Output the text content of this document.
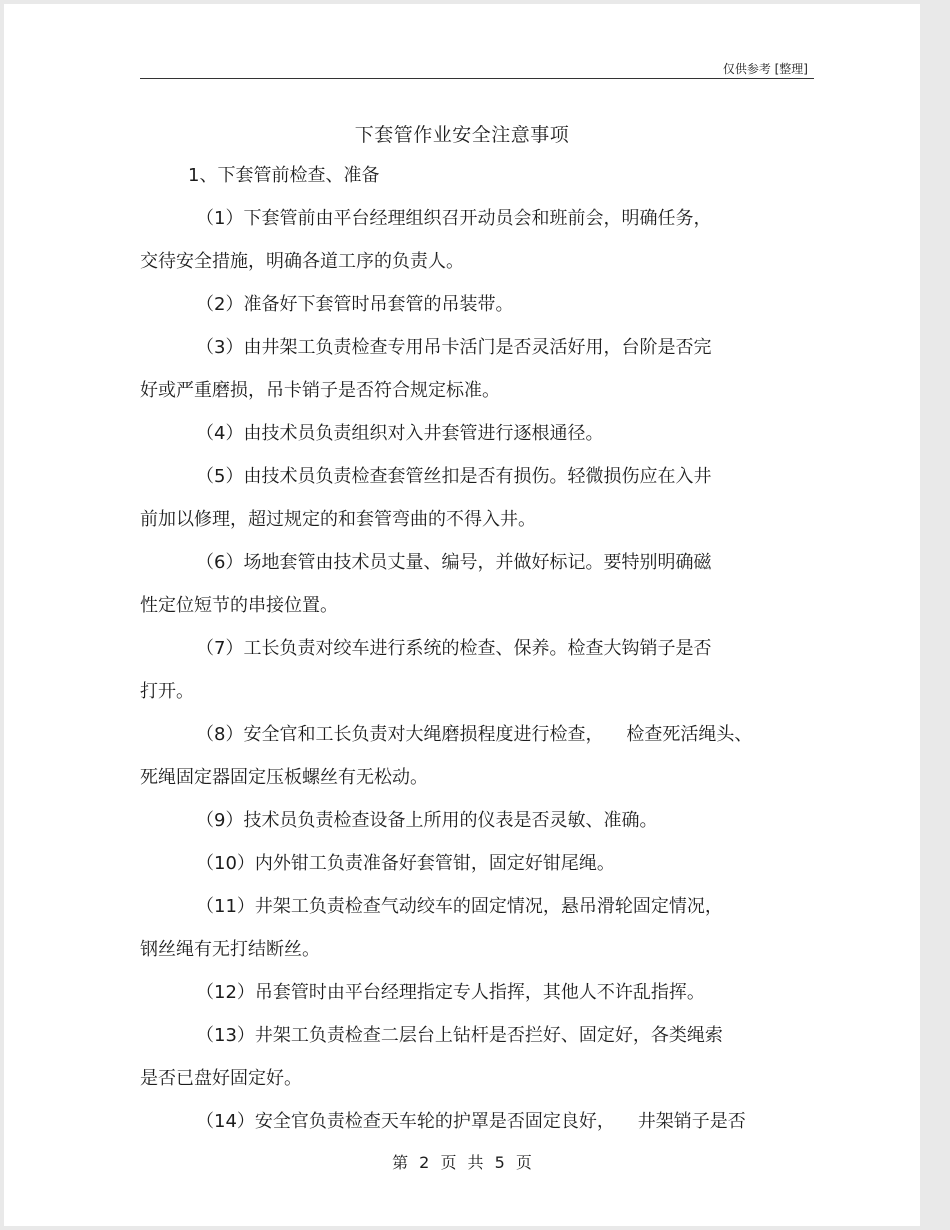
仅供参考 [整理]
下套管作业安全注意事项
1、下套管前检查、准备
（1）下套管前由平台经理组织召开动员会和班前会，明确任务，
交待安全措施，明确各道工序的负责人。
（2）准备好下套管时吊套管的吊装带。
（3）由井架工负责检查专用吊卡活门是否灵活好用，台阶是否完
好或严重磨损，吊卡销子是否符合规定标准。
（4）由技术员负责组织对入井套管进行逐根通径。
（5）由技术员负责检查套管丝扣是否有损伤。轻微损伤应在入井
前加以修理，超过规定的和套管弯曲的不得入井。
（6）场地套管由技术员丈量、编号，并做好标记。要特别明确磁
性定位短节的串接位置。
（7）工长负责对绞车进行系统的检查、保养。检查大钩销子是否
打开。
（8）安全官和工长负责对大绳磨损程度进行检查，    检查死活绳头、
死绳固定器固定压板螺丝有无松动。
（9）技术员负责检查设备上所用的仪表是否灵敏、准确。
（10）内外钳工负责准备好套管钳，固定好钳尾绳。
（11）井架工负责检查气动绞车的固定情况，悬吊滑轮固定情况，
钢丝绳有无打结断丝。
（12）吊套管时由平台经理指定专人指挥，其他人不许乱指挥。
（13）井架工负责检查二层台上钻杆是否拦好、固定好，各类绳索
是否已盘好固定好。
（14）安全官负责检查天车轮的护罩是否固定良好，    井架销子是否
第 2 页 共 5 页
